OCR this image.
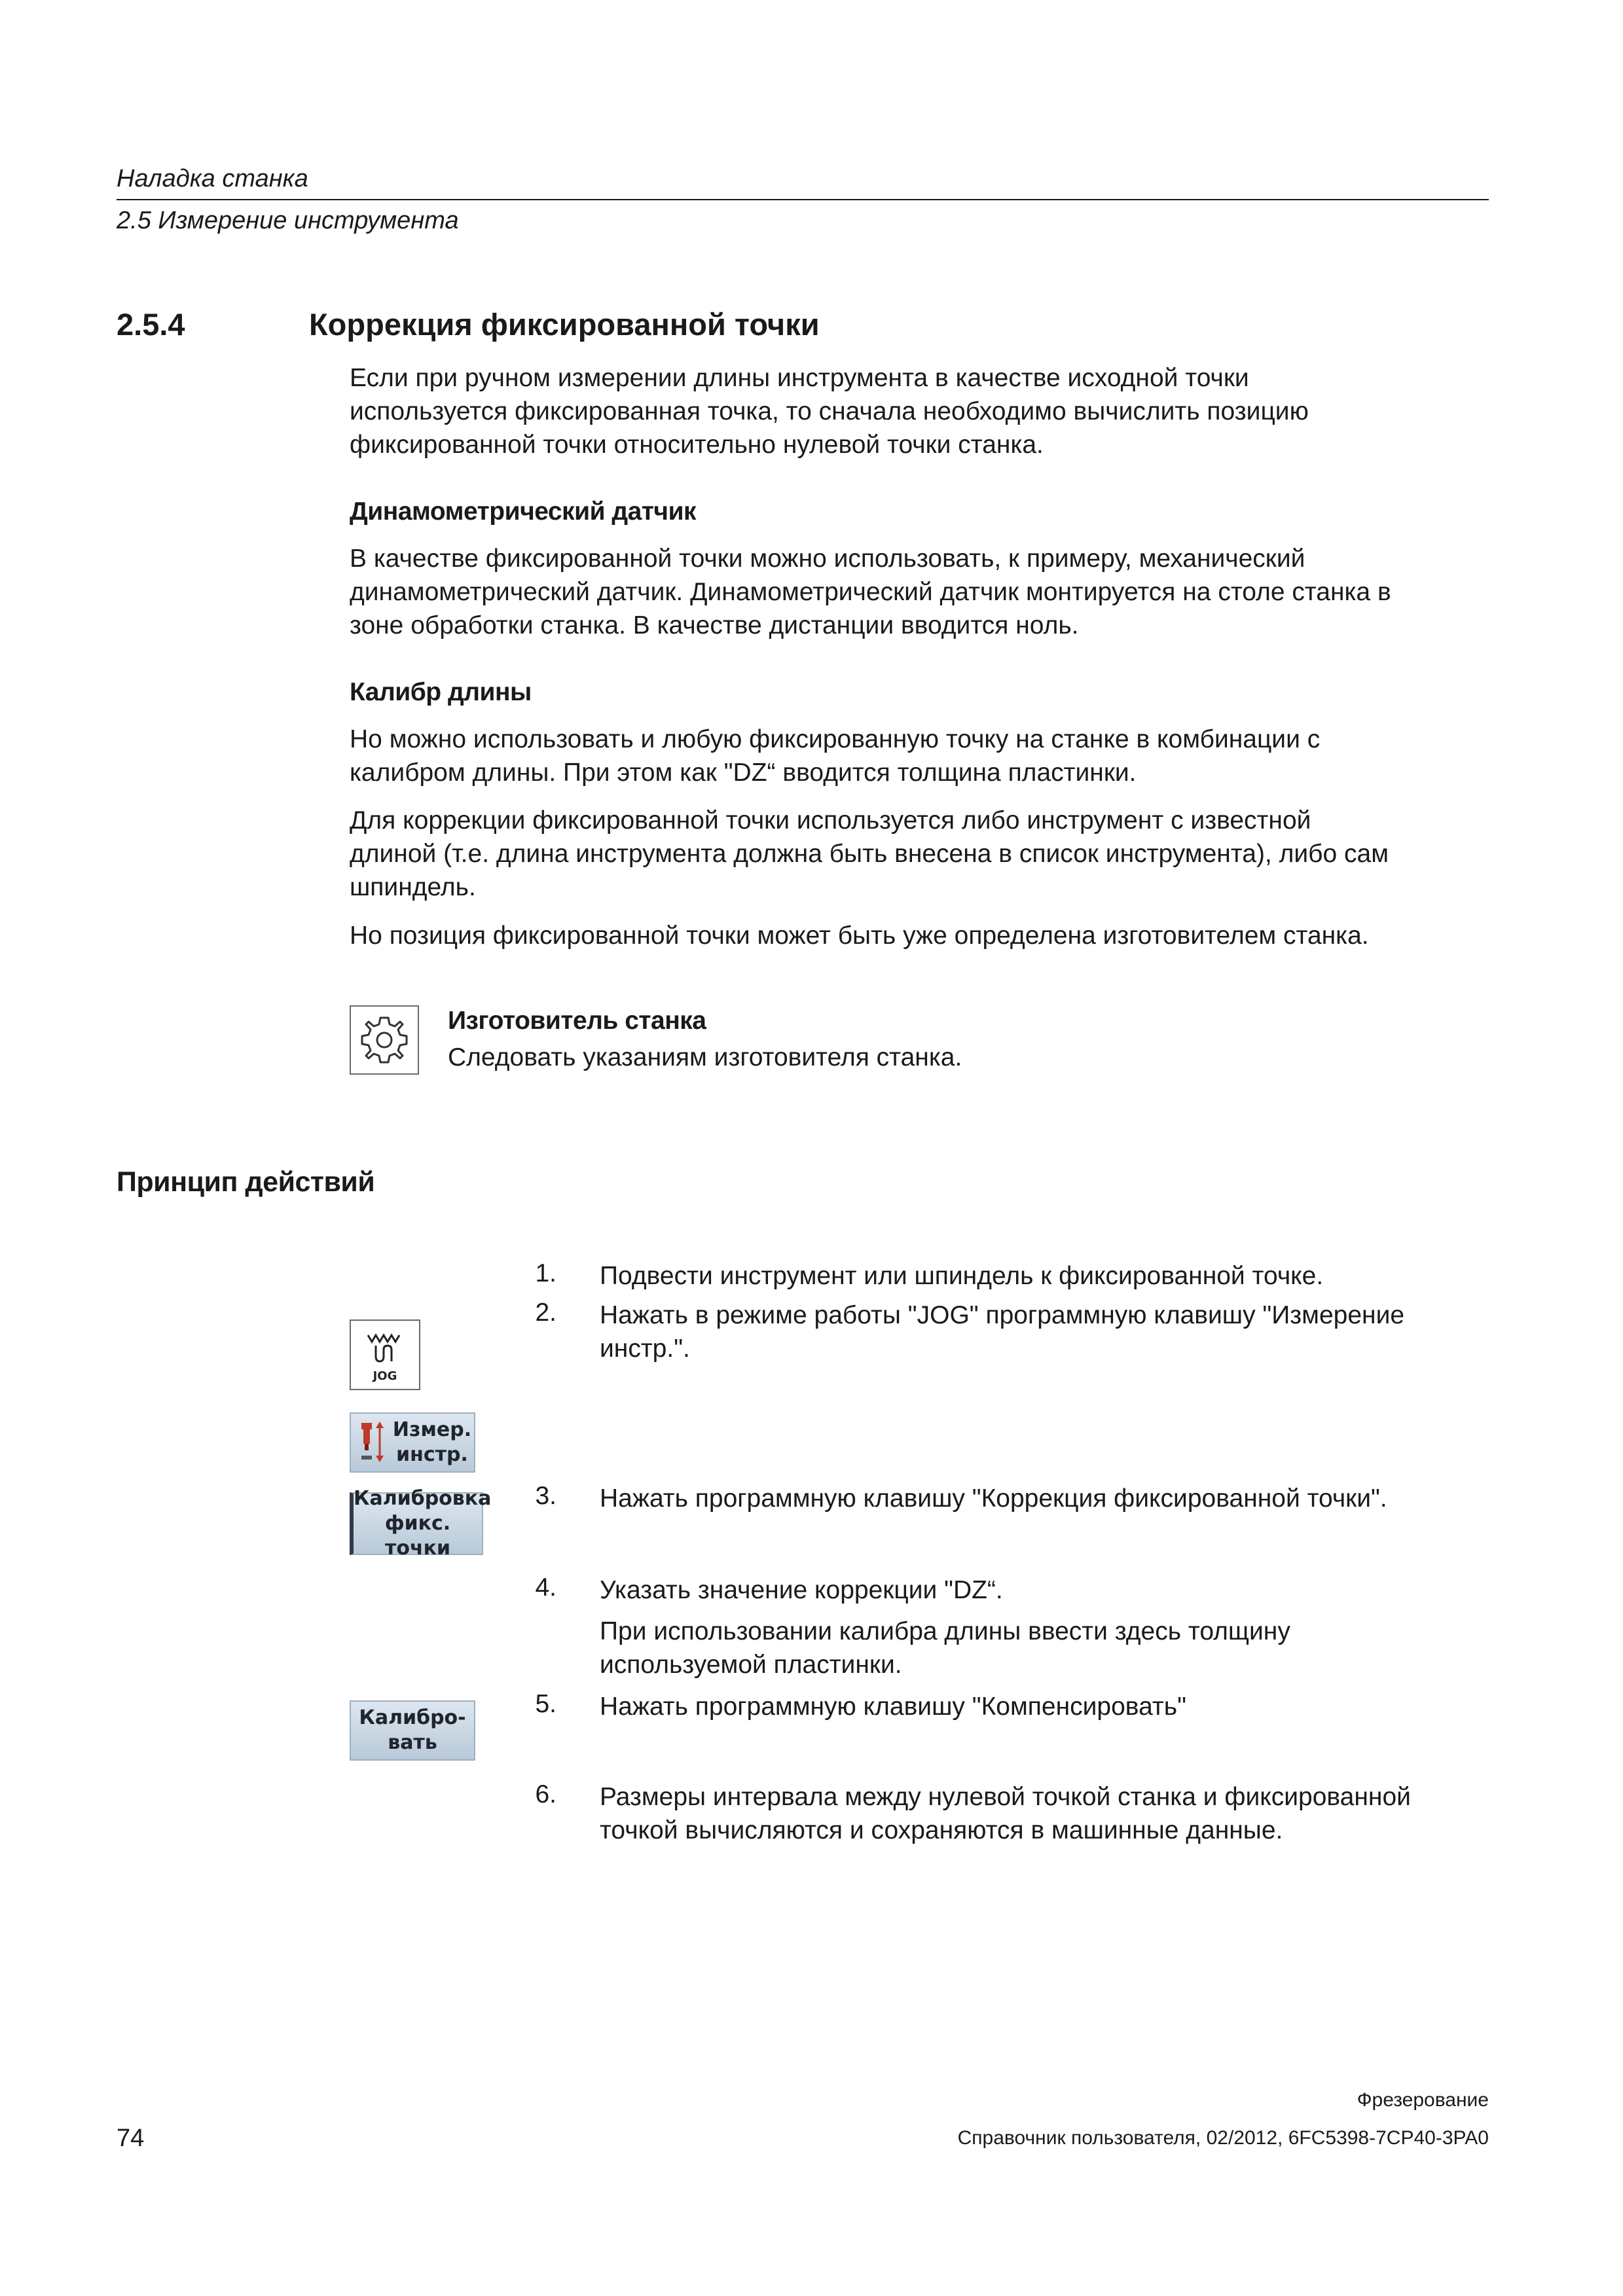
Наладка станка
2.5 Измерение инструмента
2.5.4	Коррекция фиксированной точки
Если при ручном измерении длины инструмента в качестве исходной точки
используется фиксированная точка, то сначала необходимо вычислить позицию
фиксированной точки относительно нулевой точки станка.
Динамометрический датчик
В качестве фиксированной точки можно использовать, к примеру, механический
динамометрический датчик. Динамометрический датчик монтируется на столе станка в
зоне обработки станка. В качестве дистанции вводится ноль.
Калибр длины
Но можно использовать и любую фиксированную точку на станке в комбинации с
калибром длины. При этом как "DZ“ вводится толщина пластинки.
Для коррекции фиксированной точки используется либо инструмент с известной
длиной (т.е. длина инструмента должна быть внесена в список инструмента), либо сам
шпиндель.
Но позиция фиксированной точки может быть уже определена изготовителем станка.
Изготовитель станка
Следовать указаниям изготовителя станка.
Принцип действий
1. Подвести инструмент или шпиндель к фиксированной точке.
2. Нажать в режиме работы "JOG" программную клавишу "Измерение
инстр.".
3. Нажать программную клавишу "Коррекция фиксированной точки".
4. Указать значение коррекции "DZ“.
При использовании калибра длины ввести здесь толщину
используемой пластинки.
5. Нажать программную клавишу "Компенсировать"
6. Размеры интервала между нулевой точкой станка и фиксированной
точкой вычисляются и сохраняются в машинные данные.
JOG
Измер.
инстр.
Калибровка
фикс. точки
Калибро-
вать
Фрезерование
Справочник пользователя, 02/2012, 6FC5398-7CP40-3PA0
74
